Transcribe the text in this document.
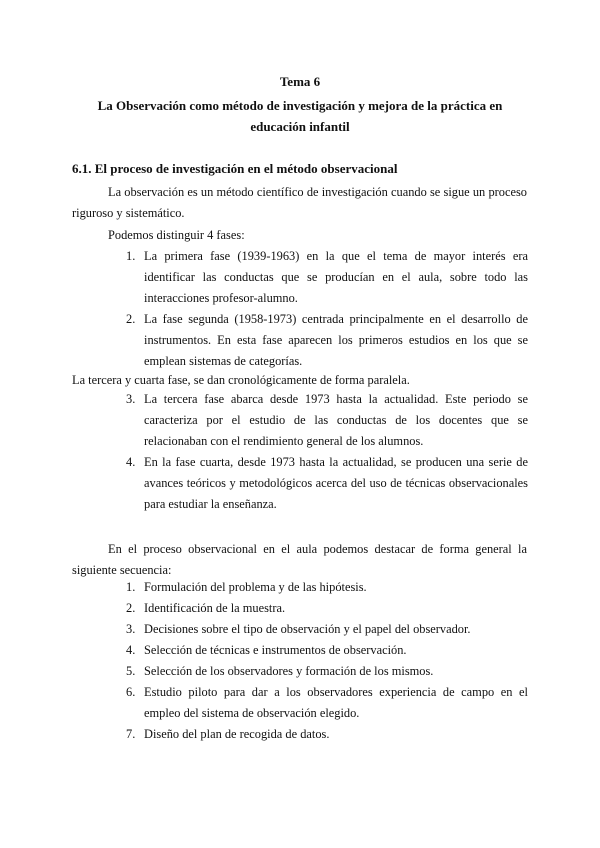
Tema 6
La Observación como método de investigación y mejora de la práctica en
educación infantil
6.1. El proceso de investigación en el método observacional
La observación es un método científico de investigación cuando se sigue un proceso riguroso y sistemático.
Podemos distinguir 4 fases:
1. La primera fase (1939-1963) en la que el tema de mayor interés era identificar las conductas que se producían en el aula, sobre todo las interacciones profesor-alumno.
2. La fase segunda (1958-1973) centrada principalmente en el desarrollo de instrumentos. En esta fase aparecen los primeros estudios en los que se emplean sistemas de categorías.
La tercera y cuarta fase, se dan cronológicamente de forma paralela.
3. La tercera fase abarca desde 1973 hasta la actualidad. Este periodo se caracteriza por el estudio de las conductas de los docentes que se relacionaban con el rendimiento general de los alumnos.
4. En la fase cuarta, desde 1973 hasta la actualidad, se producen una serie de avances teóricos y metodológicos acerca del uso de técnicas observacionales para estudiar la enseñanza.
En el proceso observacional en el aula podemos destacar de forma general la siguiente secuencia:
1. Formulación del problema y de las hipótesis.
2. Identificación de la muestra.
3. Decisiones sobre el tipo de observación y el papel del observador.
4. Selección de técnicas e instrumentos de observación.
5. Selección de los observadores y formación de los mismos.
6. Estudio piloto para dar a los observadores experiencia de campo en el empleo del sistema de observación elegido.
7. Diseño del plan de recogida de datos.
